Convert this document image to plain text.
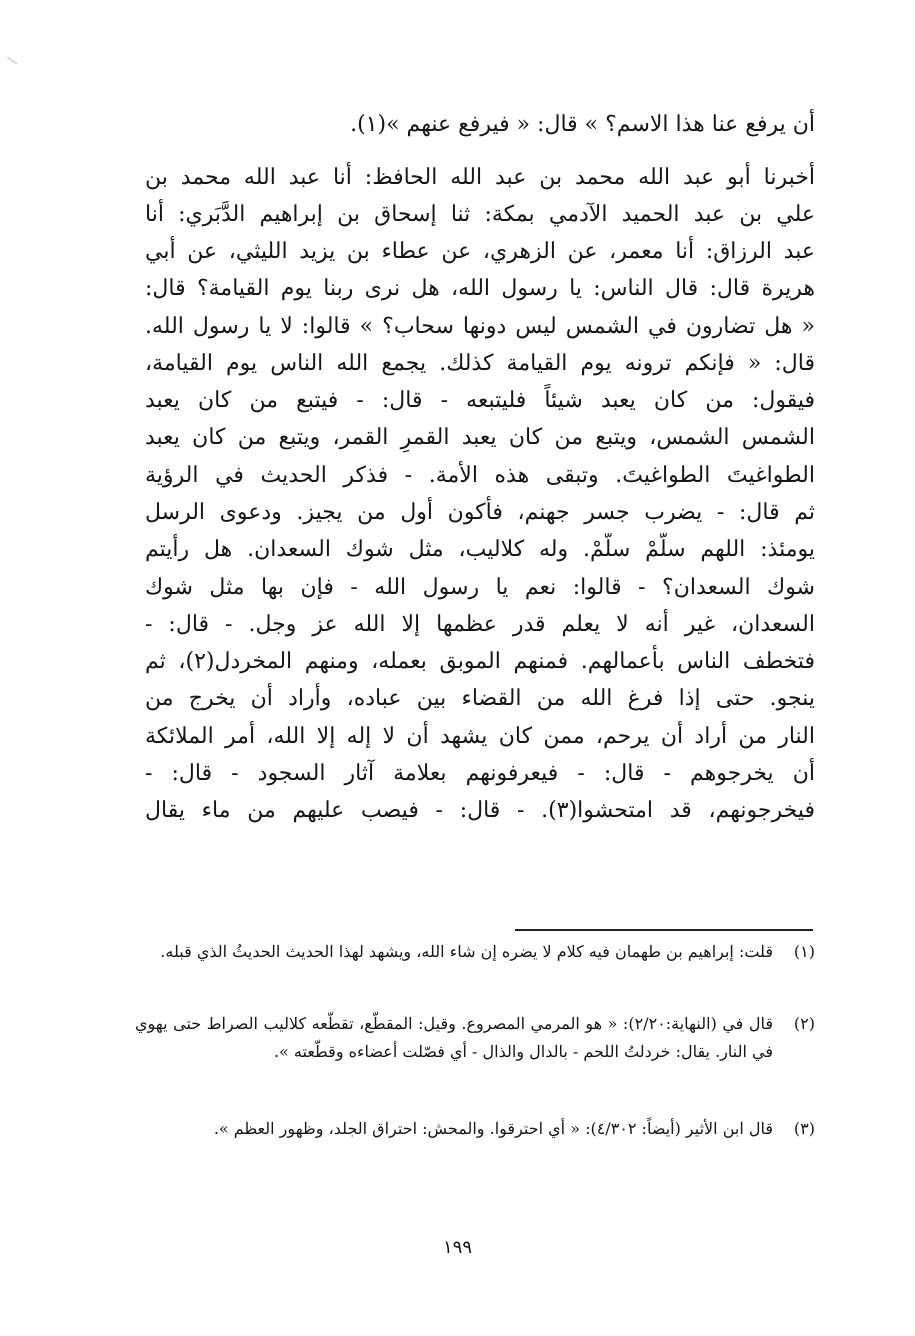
أن يرفع عنا هذا الاسم؟ » قال: « فيرفع عنهم »(١).
أخبرنا أبو عبد الله محمد بن عبد الله الحافظ: أنا عبد الله محمد بن
علي بن عبد الحميد الآدمي بمكة: ثنا إسحاق بن إبراهيم الدَّبَري: أنا
عبد الرزاق: أنا معمر، عن الزهري، عن عطاء بن يزيد الليثي، عن أبي
هريرة قال: قال الناس: يا رسول الله، هل نرى ربنا يوم القيامة؟ قال:
« هل تضارون في الشمس ليس دونها سحاب؟ » قالوا: لا يا رسول الله.
قال: « فإنكم ترونه يوم القيامة كذلك. يجمع الله الناس يوم القيامة،
فيقول: من كان يعبد شيئاً فليتبعه - قال: - فيتبع من كان يعبد
الشمس الشمس، ويتبع من كان يعبد القمرِ القمر، ويتبع من كان يعبد
الطواغيتَ الطواغيتَ. وتبقى هذه الأمة. - فذكر الحديث في الرؤية
ثم قال: - يضرب جسر جهنم، فأكون أول من يجيز. ودعوى الرسل
يومئذ: اللهم سلّمْ سلّمْ. وله كلاليب، مثل شوك السعدان. هل رأيتم
شوك السعدان؟ - قالوا: نعم يا رسول الله - فإن بها مثل شوك
السعدان، غير أنه لا يعلم قدر عظمها إلا الله عز وجل. - قال: -
فتخطف الناس بأعمالهم. فمنهم الموبق بعمله، ومنهم المخردل(٢)، ثم
ينجو. حتى إذا فرغ الله من القضاء بين عباده، وأراد أن يخرج من
النار من أراد أن يرحم، ممن كان يشهد أن لا إله إلا الله، أمر الملائكة
أن يخرجوهم - قال: - فيعرفونهم بعلامة آثار السجود - قال: -
فيخرجونهم، قد امتحشوا(٣). - قال: - فيصب عليهم من ماء يقال
(١)
قلت: إبراهيم بن طهمان فيه كلام لا يضره إن شاء الله، ويشهد لهذا الحديث الحديثُ الذي قبله.
(٢)
قال في (النهاية:٢/٢٠): « هو المرمي المصروع. وقيل: المقطّع، تقطّعه كلاليب الصراط حتى يهوي في النار. يقال: خردلتُ اللحم - بالدال والذال - أي فصّلت أعضاءه وقطّعته ».
(٣)
قال ابن الأثير (أيضاً: ٤/٣٠٢): « أي احترقوا. والمحش: احتراق الجلد، وظهور العظم ».
١٩٩
